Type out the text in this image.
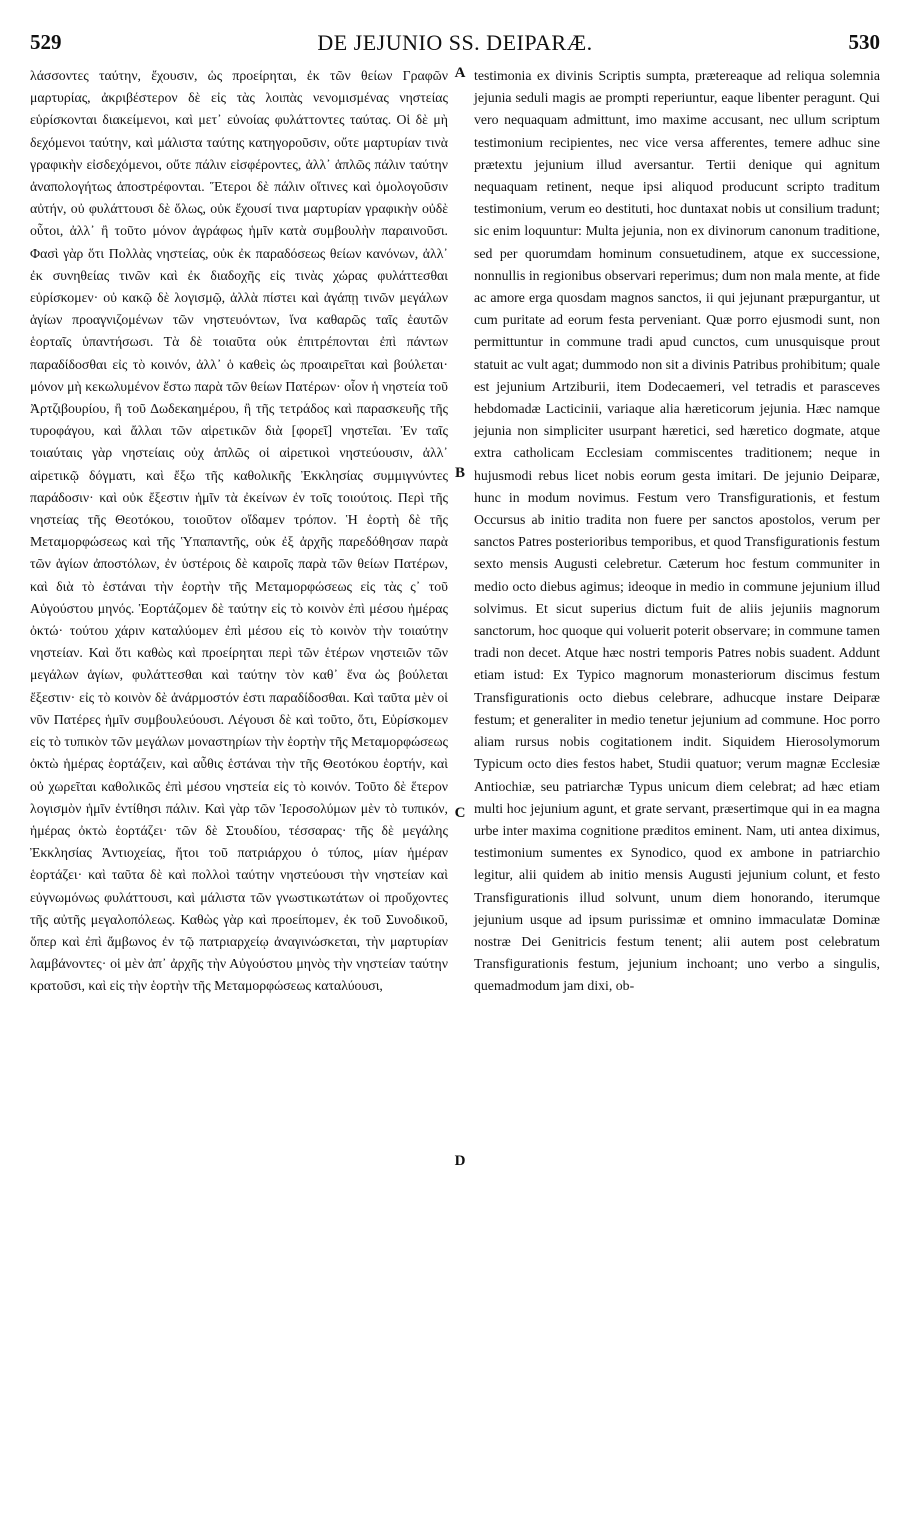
529	DE JEJUNIO SS. DEIPARÆ.	530

λάσσοντες ταύτην, ἔχουσιν, ὡς προείρηται, ἐκ τῶν θείων Γραφῶν μαρτυρίας, ἀκριβέστερον δὲ εἰς τὰς λοιπὰς νενομισμένας νηστείας εὑρίσκονται διακείμενοι, καὶ μετ᾽ εὐνοίας φυλάττοντες ταύτας. Οἱ δὲ μὴ δεχόμενοι ταύτην, καὶ μάλιστα ταύτης κατηγοροῦσιν, οὔτε μαρτυρίαν τινὰ γραφικὴν εἰσδεχόμενοι, οὔτε πάλιν εἰσφέροντες, ἀλλ᾽ ἁπλῶς πάλιν ταύτην ἀναπολογήτως ἀποστρέφονται. Ἕτεροι δὲ πάλιν οἵτινες καὶ ὁμολογοῦσιν αὐτήν, οὐ φυλάττουσι δὲ ὅλως, οὐκ ἔχουσί τινα μαρτυρίαν γραφικὴν οὐδὲ οὗτοι, ἀλλ᾽ ἢ τοῦτο μόνον ἀγράφως ἡμῖν κατὰ συμβουλὴν παραινοῦσι. Φασὶ γὰρ ὅτι Πολλὰς νηστείας, οὐκ ἐκ παραδόσεως θείων κανόνων, ἀλλ᾽ ἐκ συνηθείας τινῶν καὶ ἐκ διαδοχῆς εἰς τινὰς χώρας φυλάττεσθαι εὑρίσκομεν· οὐ κακῷ δὲ λογισμῷ, ἀλλὰ πίστει καὶ ἀγάπῃ τινῶν μεγάλων ἁγίων προαγνιζομένων τῶν νηστευόντων, ἵνα καθαρῶς ταῖς ἑαυτῶν ἑορταῖς ὑπαντήσωσι. Τὰ δὲ τοιαῦτα οὐκ ἐπιτρέπονται ἐπὶ πάντων παραδίδοσθαι εἰς τὸ κοινόν, ἀλλ᾽ ὁ καθεὶς ὡς προαιρεῖται καὶ βούλεται· μόνον μὴ κεκωλυμένον ἔστω παρὰ τῶν θείων Πατέρων· οἷον ἡ νηστεία τοῦ Ἀρτζιβουρίου, ἢ τοῦ Δωδεκαημέρου, ἢ τῆς τετράδος καὶ παρασκευῆς τῆς τυροφάγου, καὶ ἄλλαι τῶν αἱρετικῶν διὰ [φορεῖ] νηστεῖαι. Ἐν ταῖς τοιαύταις γὰρ νηστείαις οὐχ ἁπλῶς οἱ αἱρετικοὶ νηστεύουσιν, ἀλλ᾽ αἱρετικῷ δόγματι, καὶ ἔξω τῆς καθολικῆς Ἐκκλησίας συμμιγνύντες παράδοσιν· καὶ οὐκ ἔξεστιν ἡμῖν τὰ ἐκείνων ἐν τοῖς τοιούτοις. Περὶ τῆς νηστείας τῆς Θεοτόκου, τοιοῦτον οἴδαμεν τρόπον. Ἡ ἑορτὴ δὲ τῆς Μεταμορφώσεως καὶ τῆς Ὑπαπαντῆς, οὐκ ἐξ ἀρχῆς παρεδόθησαν παρὰ τῶν ἁγίων ἀποστόλων, ἐν ὑστέροις δὲ καιροῖς παρὰ τῶν θείων Πατέρων, καὶ διὰ τὸ ἑστάναι τὴν ἑορτὴν τῆς Μεταμορφώσεως εἰς τὰς ς᾽ τοῦ Αὐγούστου μηνός. Ἑορτάζομεν δὲ ταύτην εἰς τὸ κοινὸν ἐπὶ μέσου ἡμέρας ὀκτώ· τούτου χάριν καταλύομεν ἐπὶ μέσου εἰς τὸ κοινὸν τὴν τοιαύτην νηστείαν. Καὶ ὅτι καθὼς καὶ προείρηται περὶ τῶν ἑτέρων νηστειῶν τῶν μεγάλων ἁγίων, φυλάττεσθαι καὶ ταύτην τὸν καθ᾽ ἕνα ὡς βούλεται ἔξεστιν· εἰς τὸ κοινὸν δὲ ἀνάρμοστόν ἐστι παραδίδοσθαι. Καὶ ταῦτα μὲν οἱ νῦν Πατέρες ἡμῖν συμβουλεύουσι. Λέγουσι δὲ καὶ τοῦτο, ὅτι, Εὑρίσκομεν εἰς τὸ τυπικὸν τῶν μεγάλων μοναστηρίων τὴν ἑορτὴν τῆς Μεταμορφώσεως ὀκτὼ ἡμέρας ἑορτάζειν, καὶ αὖθις ἑστάναι τὴν τῆς Θεοτόκου ἑορτήν, καὶ οὐ χωρεῖται καθολικῶς ἐπὶ μέσου νηστεία εἰς τὸ κοινόν. Τοῦτο δὲ ἕτερον λογισμὸν ἡμῖν ἐντίθησι πάλιν. Καὶ γὰρ τῶν Ἱεροσολύμων μὲν τὸ τυπικόν, ἡμέρας ὀκτὼ ἑορτάζει· τῶν δὲ Στουδίου, τέσσαρας· τῆς δὲ μεγάλης Ἐκκλησίας Ἀντιοχείας, ἤτοι τοῦ πατριάρχου ὁ τύπος, μίαν ἡμέραν ἑορτάζει· καὶ ταῦτα δὲ καὶ πολλοὶ ταύτην νηστεύουσι τὴν νηστείαν καὶ εὐγνωμόνως φυλάττουσι, καὶ μάλιστα τῶν γνωστικωτάτων οἱ προὔχοντες τῆς αὐτῆς μεγαλοπόλεως. Καθὼς γὰρ καὶ προείπομεν, ἐκ τοῦ Συνοδικοῦ, ὅπερ καὶ ἐπὶ ἄμβωνος ἐν τῷ πατριαρχείῳ ἀναγινώσκεται, τὴν μαρτυρίαν λαμβάνοντες· οἱ μὲν ἀπ᾽ ἀρχῆς τὴν Αὐγούστου μηνὸς τὴν νηστείαν ταύτην κρατοῦσι, καὶ εἰς τὴν ἑορτὴν τῆς Μεταμορφώσεως καταλύουσι,

A
B
C
D

testimonia ex divinis Scriptis sumpta, prætereaque ad reliqua solemnia jejunia seduli magis ae prompti reperiuntur, eaque libenter peragunt. Qui vero nequaquam admittunt, imo maxime accusant, nec ullum scriptum testimonium recipientes, nec vice versa afferentes, temere adhuc sine prætextu jejunium illud aversantur. Tertii denique qui agnitum nequaquam retinent, neque ipsi aliquod producunt scripto traditum testimonium, verum eo destituti, hoc duntaxat nobis ut consilium tradunt; sic enim loquuntur: Multa jejunia, non ex divinorum canonum traditione, sed per quorumdam hominum consuetudinem, atque ex successione, nonnullis in regionibus observari reperimus; dum non mala mente, at fide ac amore erga quosdam magnos sanctos, ii qui jejunant præpurgantur, ut cum puritate ad eorum festa perveniant. Quæ porro ejusmodi sunt, non permittuntur in commune tradi apud cunctos, cum unusquisque prout statuit ac vult agat; dummodo non sit a divinis Patribus prohibitum; quale est jejunium Artziburii, item Dodecaemeri, vel tetradis et parasceves hebdomadæ Lacticinii, variaque alia hæreticorum jejunia. Hæc namque jejunia non simpliciter usurpant hæretici, sed hæretico dogmate, atque extra catholicam Ecclesiam commiscentes traditionem; neque in hujusmodi rebus licet nobis eorum gesta imitari. De jejunio Deiparæ, hunc in modum novimus. Festum vero Transfigurationis, et festum Occursus ab initio tradita non fuere per sanctos apostolos, verum per sanctos Patres posterioribus temporibus, et quod Transfigurationis festum sexto mensis Augusti celebretur. Cæterum hoc festum communiter in medio octo diebus agimus; ideoque in medio in commune jejunium illud solvimus. Et sicut superius dictum fuit de aliis jejuniis magnorum sanctorum, hoc quoque qui voluerit poterit observare; in commune tamen tradi non decet. Atque hæc nostri temporis Patres nobis suadent. Addunt etiam istud: Ex Typico magnorum monasteriorum discimus festum Transfigurationis octo diebus celebrare, adhucque instare Deiparæ festum; et generaliter in medio tenetur jejunium ad commune. Hoc porro aliam rursus nobis cogitationem indit. Siquidem Hierosolymorum Typicum octo dies festos habet, Studii quatuor; verum magnæ Ecclesiæ Antiochiæ, seu patriarchæ Typus unicum diem celebrat; ad hæc etiam multi hoc jejunium agunt, et grate servant, præsertimque qui in ea magna urbe inter maxima cognitione præditos eminent. Nam, uti antea diximus, testimonium sumentes ex Synodico, quod ex ambone in patriarchio legitur, alii quidem ab initio mensis Augusti jejunium colunt, et festo Transfigurationis illud solvunt, unum diem honorando, iterumque jejunium usque ad ipsum purissimæ et omnino immaculatæ Dominæ nostræ Dei Genitricis festum tenent; alii autem post celebratum Transfigurationis festum, jejunium inchoant; uno verbo a singulis, quemadmodum jam dixi, ob-
